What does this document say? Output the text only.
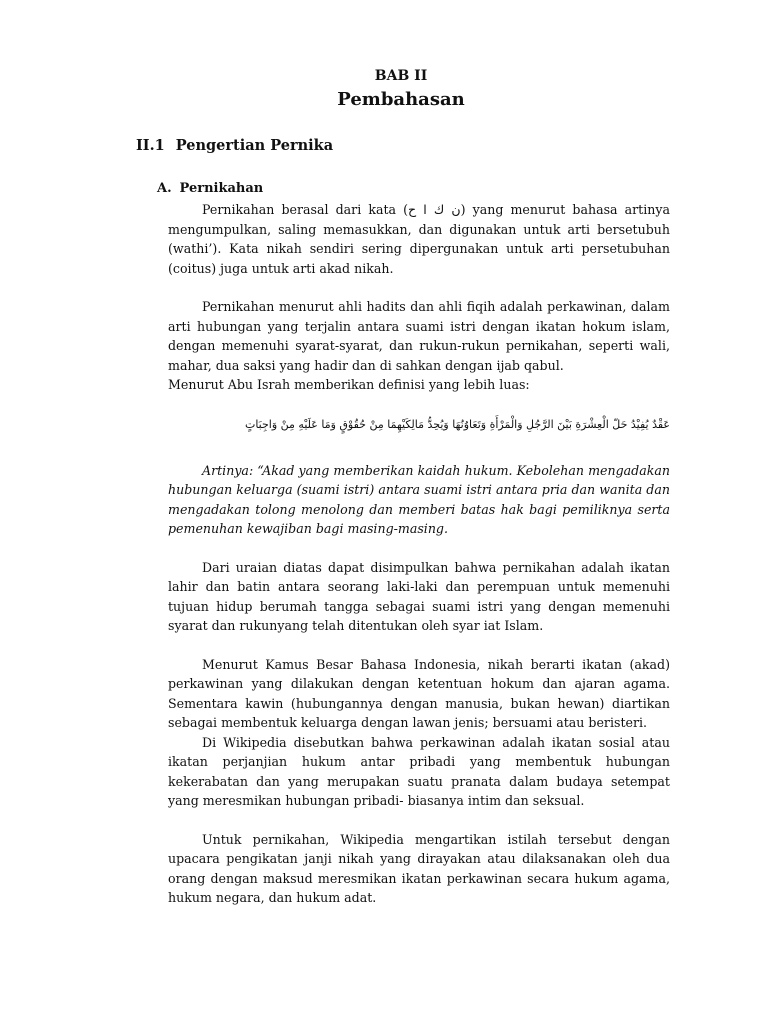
BAB II
Pembahasan
II.1 Pengertian Pernika
A. Pernikahan

Pernikahan berasal dari kata (ن ك ا ح) yang menurut bahasa artinya mengumpulkan, saling memasukkan, dan digunakan untuk arti bersetubuh (wathi’). Kata nikah sendiri sering dipergunakan untuk arti persetubuhan (coitus) juga untuk arti akad nikah.

Pernikahan menurut ahli hadits dan ahli fiqih adalah perkawinan, dalam arti hubungan yang terjalin antara suami istri dengan ikatan hokum islam, dengan memenuhi syarat-syarat, dan rukun-rukun pernikahan, seperti wali, mahar, dua saksi yang hadir dan di sahkan dengan ijab qabul.

Menurut Abu Israh memberikan definisi yang lebih luas:

عَقْدٌ يُفِيْدُ حَلّ الْعِشْرَةِ بَيْنَ الرَّجُلِ وَالْمَرْأَةِ وَتَعَاوُنُهَا وَيُحِدُّ مَالِكَيْهِمَا مِنْ حُقُوْقٍ وَمَا عَلَيْهِ مِنْ وَاجِبَاتٍ

Artinya: “Akad yang memberikan kaidah hukum. Kebolehan mengadakan hubungan keluarga (suami istri) antara suami istri antara pria dan wanita dan mengadakan tolong menolong dan memberi batas hak bagi pemiliknya serta pemenuhan kewajiban bagi masing-masing.

Dari uraian diatas dapat disimpulkan bahwa pernikahan adalah ikatan lahir dan batin antara seorang laki-laki dan perempuan untuk memenuhi tujuan hidup berumah tangga sebagai suami istri yang dengan memenuhi syarat dan rukunyang telah ditentukan oleh syar iat Islam.

Menurut Kamus Besar Bahasa Indonesia, nikah berarti ikatan (akad) perkawinan yang dilakukan dengan ketentuan hokum dan ajaran agama. Sementara kawin (hubungannya dengan manusia, bukan hewan) diartikan sebagai membentuk keluarga dengan lawan jenis; bersuami atau beristeri.

Di Wikipedia disebutkan bahwa perkawinan adalah ikatan sosial atau ikatan perjanjian hukum antar pribadi yang membentuk hubungan kekerabatan dan yang merupakan suatu pranata dalam budaya setempat yang meresmikan hubungan pribadi- biasanya intim dan seksual.

Untuk pernikahan, Wikipedia mengartikan istilah tersebut dengan upacara pengikatan janji nikah yang dirayakan atau dilaksanakan oleh dua orang dengan maksud meresmikan ikatan perkawinan secara hukum agama, hukum negara, dan hukum adat.
